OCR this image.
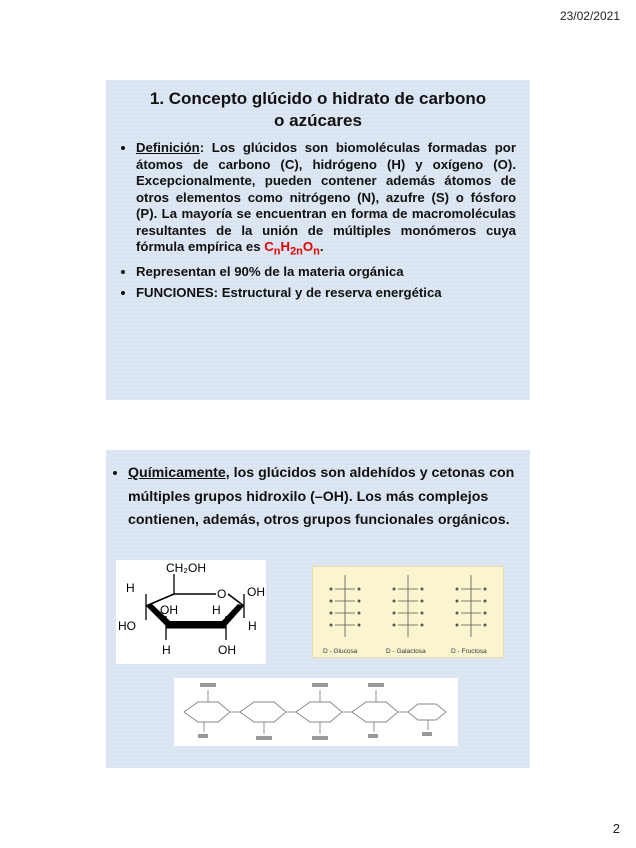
23/02/2021
1. Concepto glúcido o hidrato de carbono
o azúcares
• Definición: Los glúcidos son biomoléculas formadas por átomos de carbono (C), hidrógeno (H) y oxígeno (O). Excepcionalmente, pueden contener además átomos de otros elementos como nitrógeno (N), azufre (S) o fósforo (P). La mayoría se encuentran en forma de macromoléculas resultantes de la unión de múltiples monómeros cuya fórmula empírica es $C_nH_{2n}O_n$.
• Representan el 90% de la materia orgánica
• FUNCIONES: Estructural y de reserva energética
• Químicamente, los glúcidos son aldehídos y cetonas con múltiples grupos hidroxilo (–OH). Los más complejos contienen, además, otros grupos funcionales orgánicos.
CH₂OH
O OH
H
H
OH
HO	H
H	OH	D - Glucosa	D - Galactosa	D - Fructosa
2
